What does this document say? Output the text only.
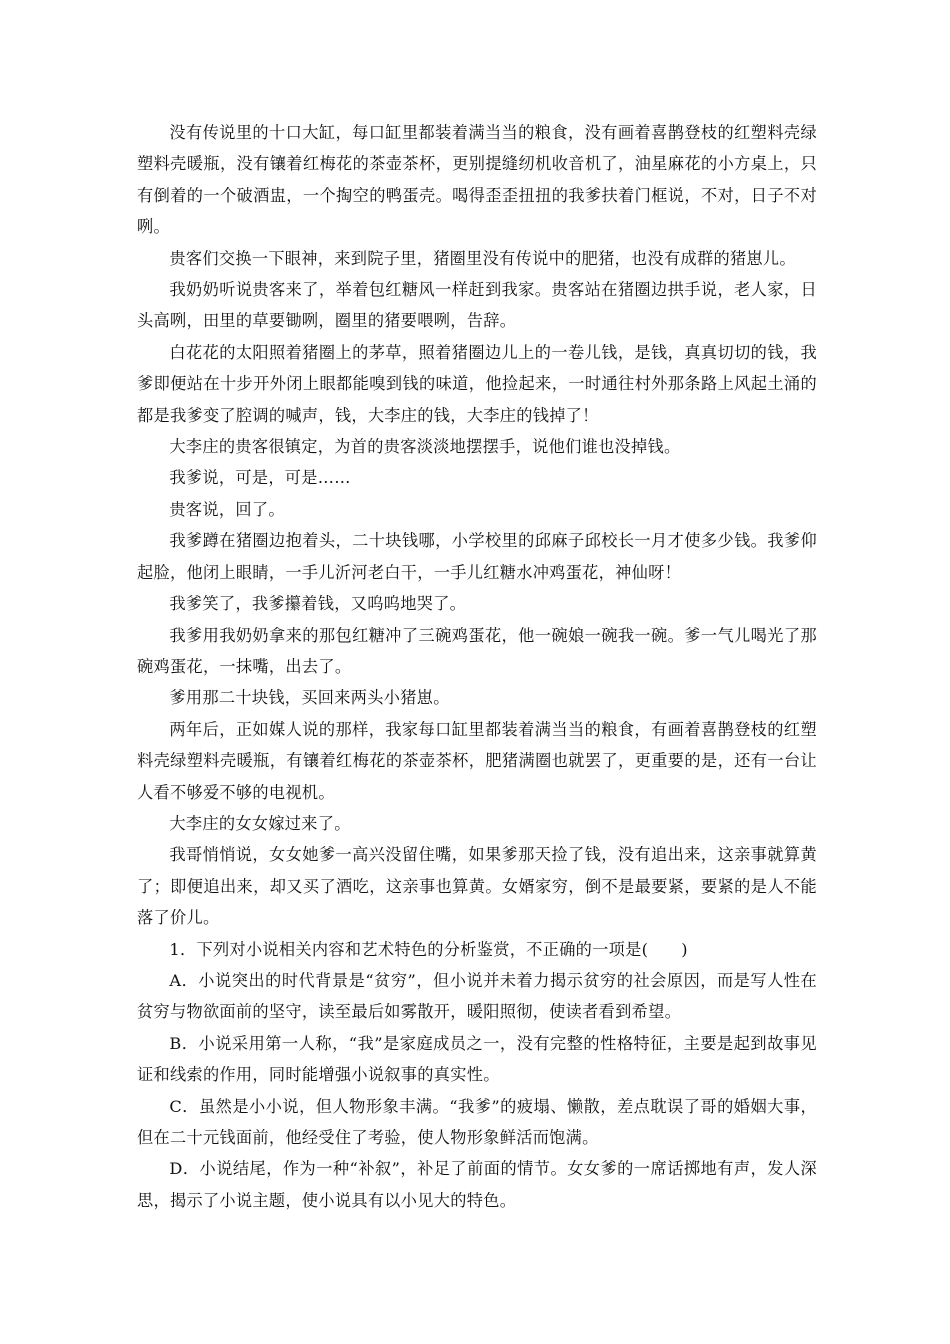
没有传说里的十口大缸，每口缸里都装着满当当的粮食，没有画着喜鹊登枝的红塑料壳绿塑料壳暖瓶，没有镶着红梅花的茶壶茶杯，更别提缝纫机收音机了，油星麻花的小方桌上，只有倒着的一个破酒盅，一个掏空的鸭蛋壳。喝得歪歪扭扭的我爹扶着门框说，不对，日子不对咧。

贵客们交换一下眼神，来到院子里，猪圈里没有传说中的肥猪，也没有成群的猪崽儿。

我奶奶听说贵客来了，举着包红糖风一样赶到我家。贵客站在猪圈边拱手说，老人家，日头高咧，田里的草要锄咧，圈里的猪要喂咧，告辞。

白花花的太阳照着猪圈上的茅草，照着猪圈边儿上的一卷儿钱，是钱，真真切切的钱，我爹即便站在十步开外闭上眼都能嗅到钱的味道，他捡起来，一时通往村外那条路上风起土涌的都是我爹变了腔调的喊声，钱，大李庄的钱，大李庄的钱掉了！

大李庄的贵客很镇定，为首的贵客淡淡地摆摆手，说他们谁也没掉钱。

我爹说，可是，可是……

贵客说，回了。

我爹蹲在猪圈边抱着头，二十块钱哪，小学校里的邱麻子邱校长一月才使多少钱。我爹仰起脸，他闭上眼睛，一手儿沂河老白干，一手儿红糖水冲鸡蛋花，神仙呀！

我爹笑了，我爹攥着钱，又呜呜地哭了。

我爹用我奶奶拿来的那包红糖冲了三碗鸡蛋花，他一碗娘一碗我一碗。爹一气儿喝光了那碗鸡蛋花，一抹嘴，出去了。

爹用那二十块钱，买回来两头小猪崽。

两年后，正如媒人说的那样，我家每口缸里都装着满当当的粮食，有画着喜鹊登枝的红塑料壳绿塑料壳暖瓶，有镶着红梅花的茶壶茶杯，肥猪满圈也就罢了，更重要的是，还有一台让人看不够爱不够的电视机。

大李庄的女女嫁过来了。

我哥悄悄说，女女她爹一高兴没留住嘴，如果爹那天捡了钱，没有追出来，这亲事就算黄了；即便追出来，却又买了酒吃，这亲事也算黄。女婿家穷，倒不是最要紧，要紧的是人不能落了价儿。

1．下列对小说相关内容和艺术特色的分析鉴赏，不正确的一项是(　　)

A．小说突出的时代背景是“贫穷”，但小说并未着力揭示贫穷的社会原因，而是写人性在贫穷与物欲面前的坚守，读至最后如雾散开，暖阳照彻，使读者看到希望。

B．小说采用第一人称，“我”是家庭成员之一，没有完整的性格特征，主要是起到故事见证和线索的作用，同时能增强小说叙事的真实性。

C．虽然是小小说，但人物形象丰满。“我爹”的疲塌、懒散，差点耽误了哥的婚姻大事，但在二十元钱面前，他经受住了考验，使人物形象鲜活而饱满。

D．小说结尾，作为一种“补叙”，补足了前面的情节。女女爹的一席话掷地有声，发人深思，揭示了小说主题，使小说具有以小见大的特色。
